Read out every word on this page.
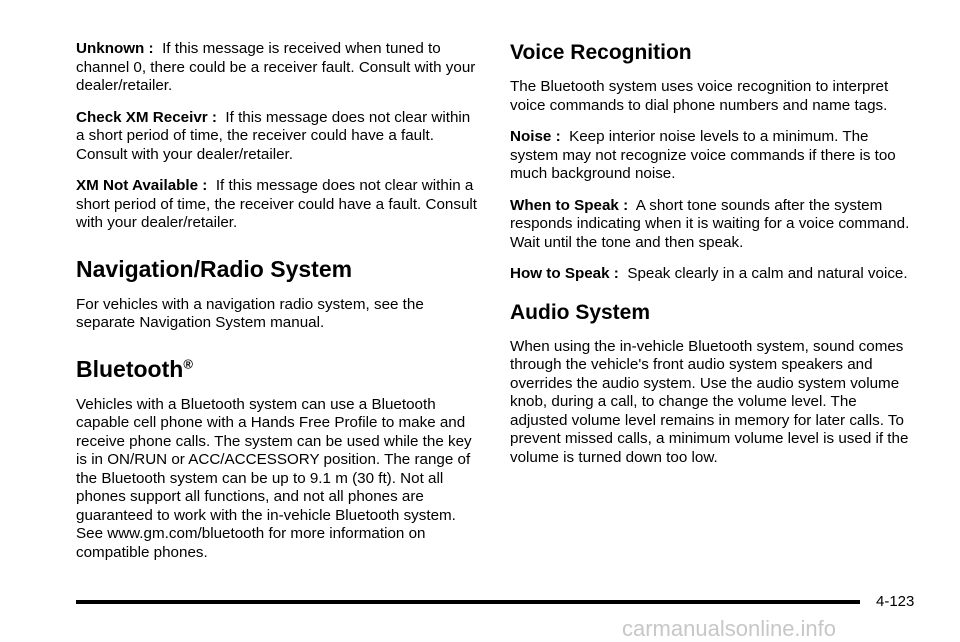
Unknown : If this message is received when tuned to channel 0, there could be a receiver fault. Consult with your dealer/retailer.

Check XM Receivr : If this message does not clear within a short period of time, the receiver could have a fault. Consult with your dealer/retailer.

XM Not Available : If this message does not clear within a short period of time, the receiver could have a fault. Consult with your dealer/retailer.

Navigation/Radio System

For vehicles with a navigation radio system, see the separate Navigation System manual.

Bluetooth®

Vehicles with a Bluetooth system can use a Bluetooth capable cell phone with a Hands Free Profile to make and receive phone calls. The system can be used while the key is in ON/RUN or ACC/ACCESSORY position. The range of the Bluetooth system can be up to 9.1 m (30 ft). Not all phones support all functions, and not all phones are guaranteed to work with the in-vehicle Bluetooth system. See www.gm.com/bluetooth for more information on compatible phones.

Voice Recognition

The Bluetooth system uses voice recognition to interpret voice commands to dial phone numbers and name tags.

Noise : Keep interior noise levels to a minimum. The system may not recognize voice commands if there is too much background noise.

When to Speak : A short tone sounds after the system responds indicating when it is waiting for a voice command. Wait until the tone and then speak.

How to Speak : Speak clearly in a calm and natural voice.

Audio System

When using the in-vehicle Bluetooth system, sound comes through the vehicle's front audio system speakers and overrides the audio system. Use the audio system volume knob, during a call, to change the volume level. The adjusted volume level remains in memory for later calls. To prevent missed calls, a minimum volume level is used if the volume is turned down too low.

4-123
carmanualsonline.info
